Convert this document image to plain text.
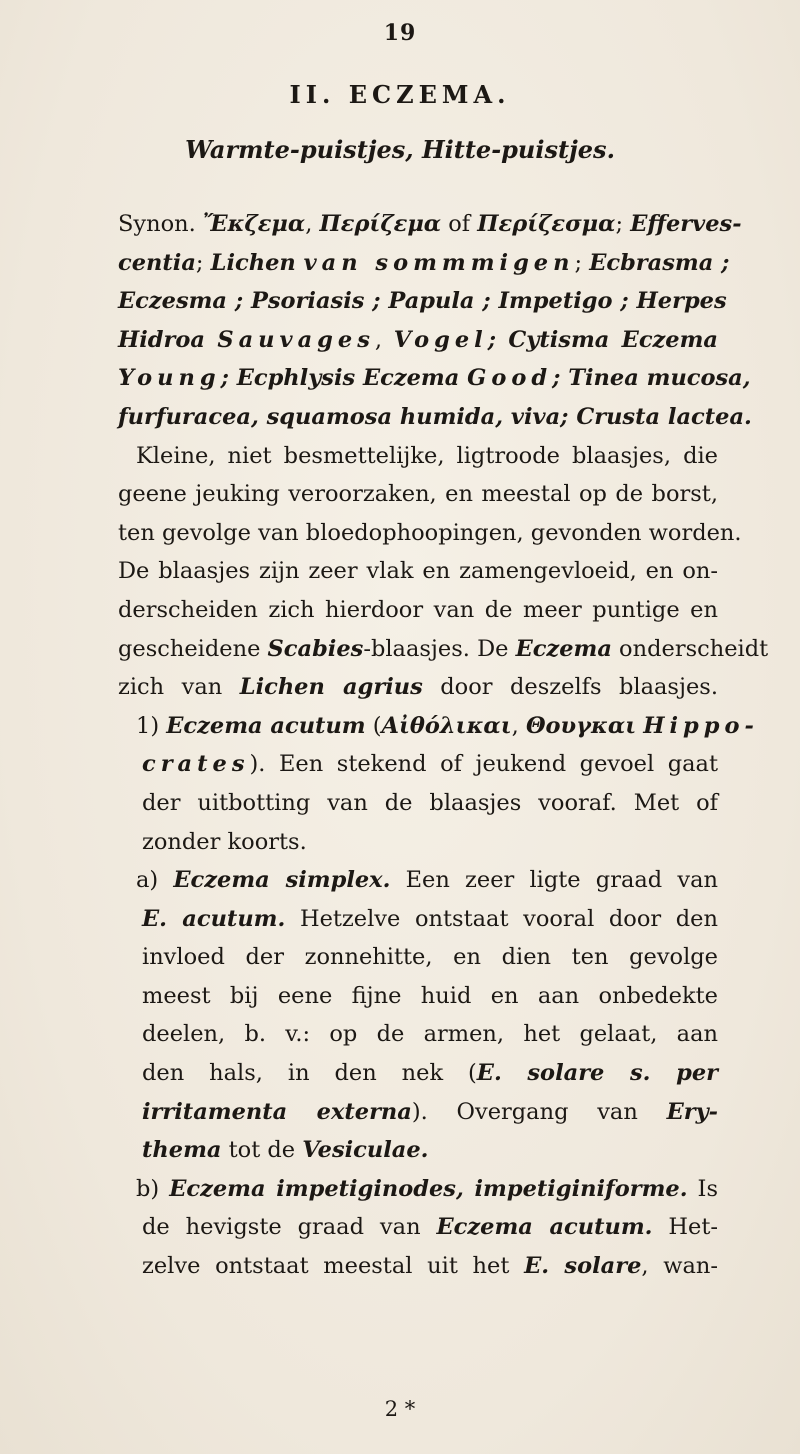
19
II. ECZEMA.
Warmte-puistjes, Hitte-puistjes.
Synon. Ἔκζεμα, Περίζεμα of Περίζεσμα; Efferves-
centia; Lichen van sommmigen; Ecbrasma ;
Eczesma ; Psoriasis ; Papula ; Impetigo ; Herpes
Hidroa Sauvages, Vogel; Cytisma Eczema
Young; Ecphlysis Eczema Good; Tinea mucosa,
furfuracea, squamosa humida, viva; Crusta lactea.
Kleine, niet besmettelijke, ligtroode blaasjes, die
geene jeuking veroorzaken, en meestal op de borst,
ten gevolge van bloedophoopingen, gevonden worden.
De blaasjes zijn zeer vlak en zamengevloeid, en on-
derscheiden zich hierdoor van de meer puntige en
gescheidene Scabies-blaasjes. De Eczema onderscheidt
zich van Lichen agrius door deszelfs blaasjes.
1) Eczema acutum (Αἰθόλικαι, Θουγκαι Hippo-
crates). Een stekend of jeukend gevoel gaat
der uitbotting van de blaasjes vooraf. Met of
zonder koorts.
a) Eczema simplex. Een zeer ligte graad van
E. acutum. Hetzelve ontstaat vooral door den
invloed der zonnehitte, en dien ten gevolge
meest bij eene fijne huid en aan onbedekte
deelen, b. v.: op de armen, het gelaat, aan
den hals, in den nek (E. solare s. per
irritamenta externa). Overgang van Ery-
thema tot de Vesiculae.
b) Eczema impetiginodes, impetiginiforme. Is
de hevigste graad van Eczema acutum. Het-
zelve ontstaat meestal uit het E. solare, wan-
2 *
